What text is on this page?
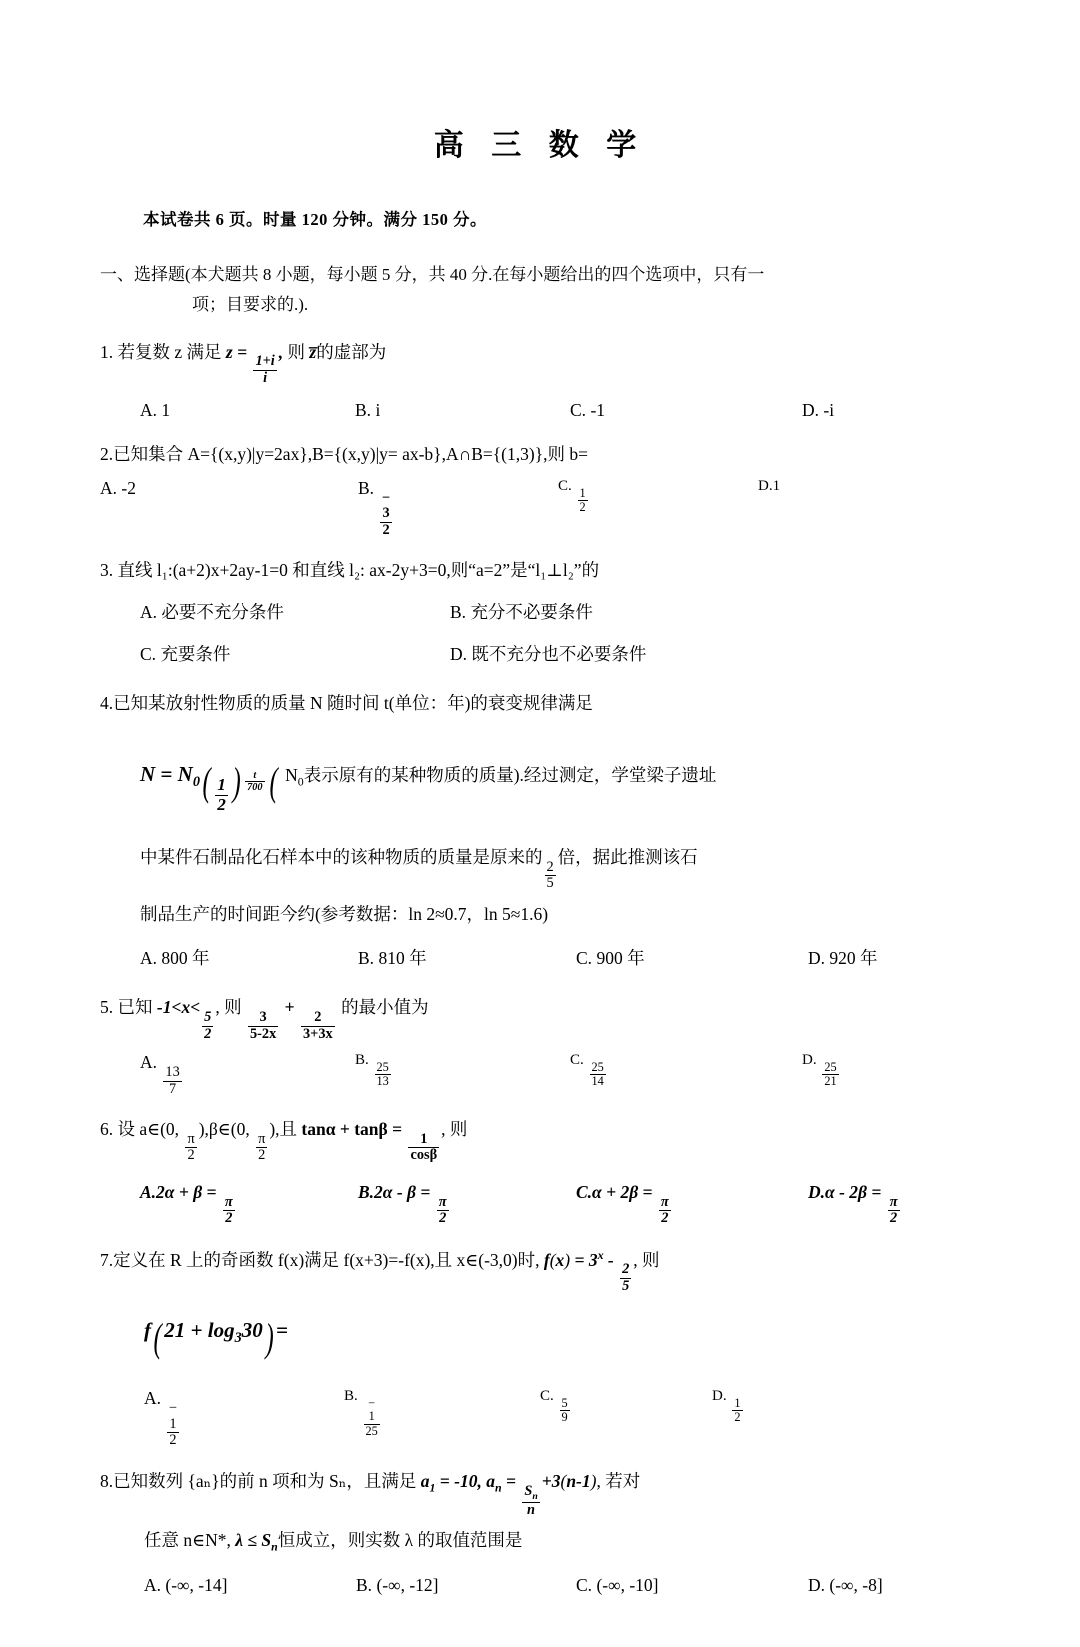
高 三 数 学
本试卷共 6 页。时量 120 分钟。满分 150 分。
一、选择题(本犬题共 8 小题，每小题 5 分，共 40 分.在每小题给出的四个选项中，只有一
项；目要求的.).
1. 若复数 z 满足 z =
$\frac{1+i}{i}$
, 则 z̅的虚部为
A. 1	B. i	C. -1	D. -i
2.已知集合 A={(x,y)|y=2ax},B={(x,y)|y= ax-b},A∩B={(1,3)},则 b=
A. -2	B. −
3
2
C.
$\frac{1}{2}$
D.1
3. 直线 l₁:(a+2)x+2ay-1=0 和直线 l₂: ax-2y+3=0,则“a=2”是“l₁⊥l₂”的
A. 必要不充分条件	B. 充分不必要条件
C. 充要条件	D. 既不充分也不必要条件
4.已知某放射性物质的质量 N 随时间 t(单位：年)的衰变规律满足
$N = N_0( \frac{1}{2}$ ) $^{\frac{t}{700}}$ ( $N_0$表示原有的某种物质的质量).经过测定，学堂梁子遗址
中某件石制品化石样本中的该种物质的质量是原来的
$\frac{2}{5}$
倍，据此推测该石
制品生产的时间距今约(参考数据：ln 2≈0.7，ln 5≈1.6)
A. 800 年	B. 810 年	C. 900 年	D. 920 年
5. 已知 -1<x<
$\frac{5}{2}$
, 则
$\frac{3}{5-2x}$
+
$\frac{2}{3+3x}$
的最小值为
A.
$\frac{13}{7}$
B.
$\frac{25}{13}$
C.
$\frac{25}{14}$
D.
$\frac{25}{21}$
6. 设 a∈(0,
$\frac{\pi}{2}$
),β∈(0,
$\frac{\pi}{2}$
),且 tanα + tanβ =
$\frac{1}{\cos\beta}$
, 则
A.2α + β =
$\frac{\pi}{2}$
B.2α - β =
$\frac{\pi}{2}$
C.α + 2β =
$\frac{\pi}{2}$
D.α - 2β =
$\frac{\pi}{2}$
7.定义在 R 上的奇函数 f(x)满足 f(x+3)=-f(x),且 x∈(-3,0)时, $f(x) = 3^x$ -
$\frac{2}{5}$
, 则
f( $21 + \log_330$) =
A. −
1
2
B. −
1
25
C.
$\frac{5}{9}$
D.
$\frac{1}{2}$
8.已知数列 {aₙ}的前 n 项和为 Sₙ，且满足 $a_1 = -10$, $a_n$ =
$\frac{S_n}{n}$
+3(n-1), 若对
任意 n∈N*, $\lambda \le S_n$恒成立，则实数 λ 的取值范围是
A. (-∞, -14]	B. (-∞, -12]	C. (-∞, -10]	D. (-∞, -8]
